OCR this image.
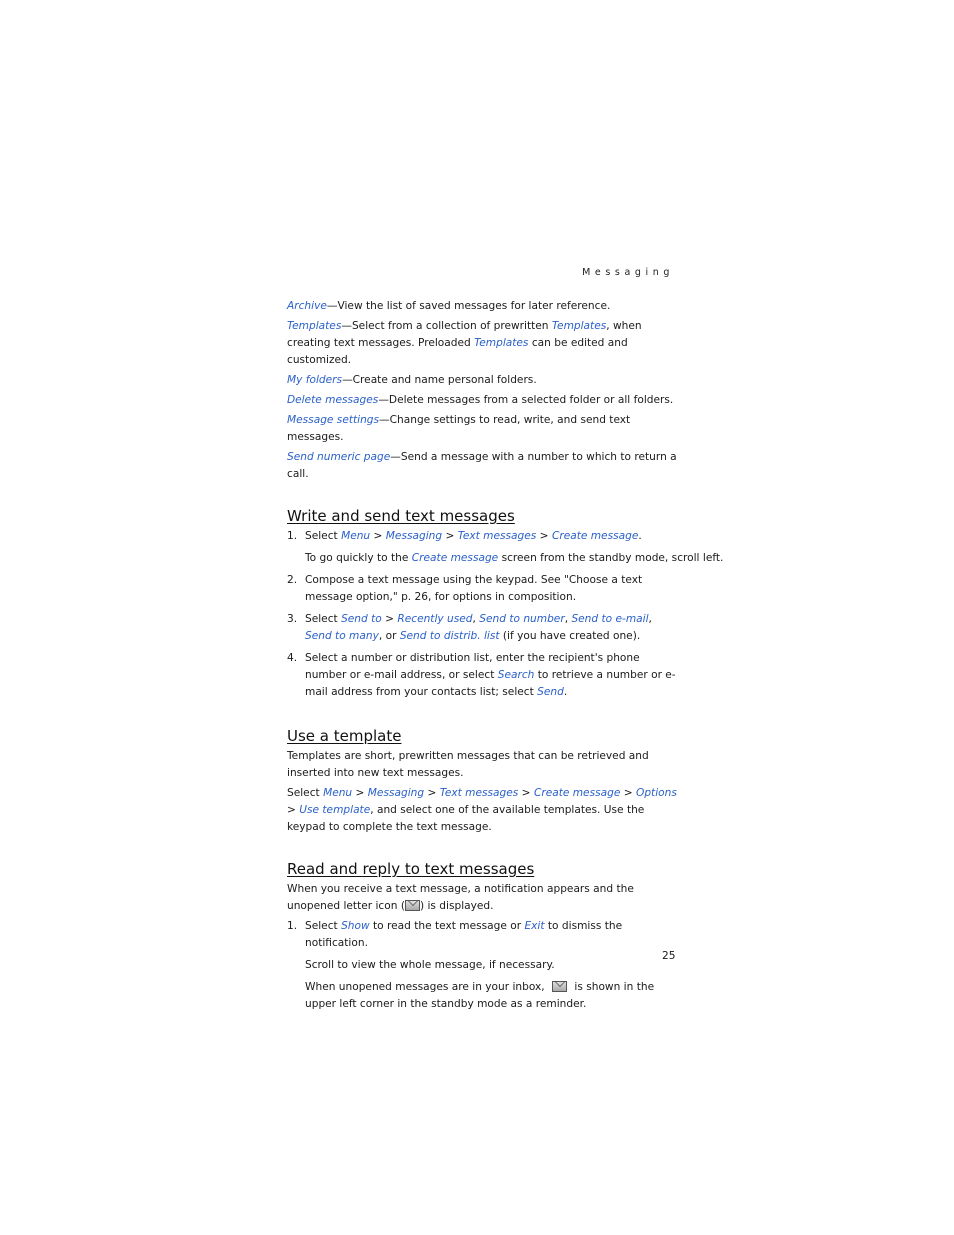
Messaging

Archive—View the list of saved messages for later reference.

Templates—Select from a collection of prewritten Templates, when creating text messages. Preloaded Templates can be edited and customized.

My folders—Create and name personal folders.

Delete messages—Delete messages from a selected folder or all folders.

Message settings—Change settings to read, write, and send text messages.

Send numeric page—Send a message with a number to which to return a call.

Write and send text messages
1. Select Menu > Messaging > Text messages > Create message.
To go quickly to the Create message screen from the standby mode, scroll left.
2. Compose a text message using the keypad. See "Choose a text message option," p. 26, for options in composition.
3. Select Send to > Recently used, Send to number, Send to e-mail, Send to many, or Send to distrib. list (if you have created one).
4. Select a number or distribution list, enter the recipient's phone number or e-mail address, or select Search to retrieve a number or e-mail address from your contacts list; select Send.
Use a template

Templates are short, prewritten messages that can be retrieved and inserted into new text messages.

Select Menu > Messaging > Text messages > Create message > Options > Use template, and select one of the available templates. Use the keypad to complete the text message.

Read and reply to text messages

When you receive a text message, a notification appears and the unopened letter icon ( ) is displayed.

1. Select Show to read the text message or Exit to dismiss the notification.
Scroll to view the whole message, if necessary.
When unopened messages are in your inbox,  is shown in the upper left corner in the standby mode as a reminder.
25
